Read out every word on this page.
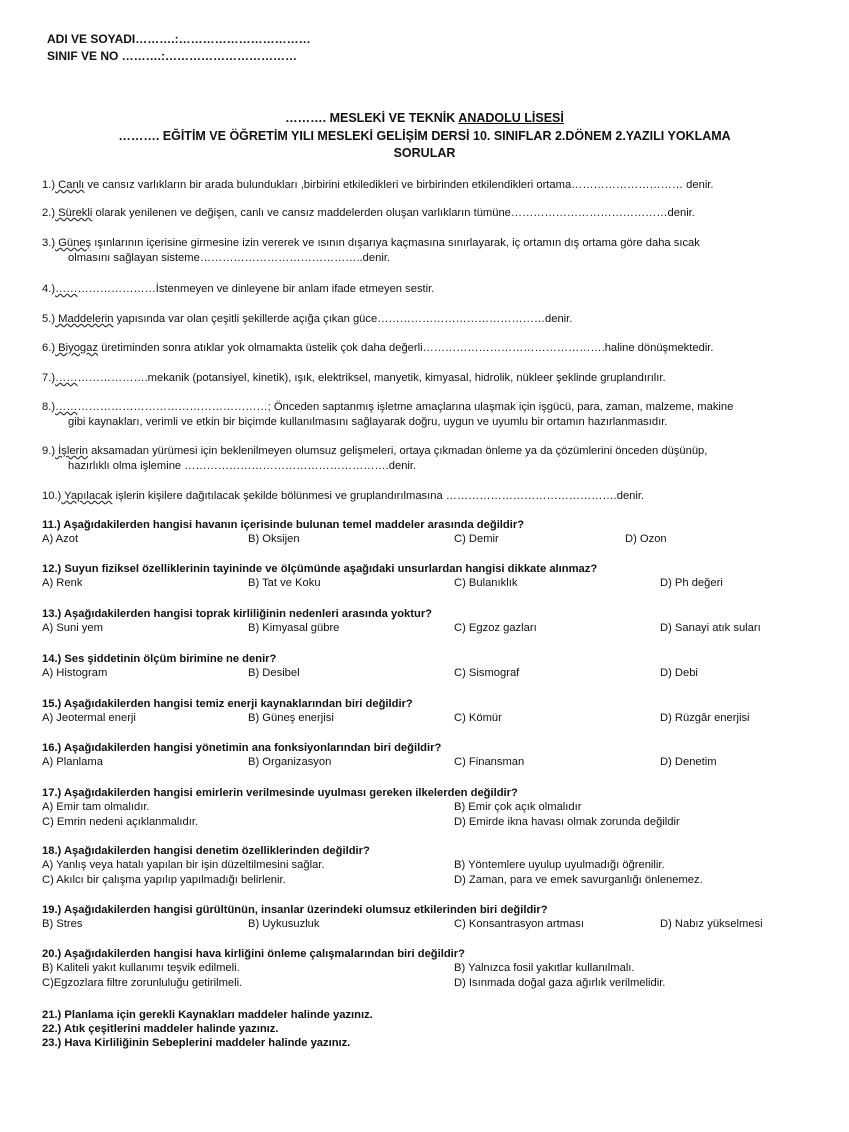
ADI VE SOYADI……….:……………………………
SINIF VE NO ……….:……………………………
………. MESLEKİ VE TEKNİK ANADOLU LİSESİ
………. EĞİTİM VE ÖĞRETİM YILI MESLEKİ GELİŞİM DERSİ 10. SINIFLAR 2.DÖNEM 2.YAZILI YOKLAMA
SORULAR
1.) Canlı ve cansız varlıkların bir arada bulundukları ,birbirini etkiledikleri ve birbirinden etkilendikleri ortama………………………… denir.
2.) Sürekli olarak yenilenen ve değişen, canlı ve cansız maddelerden oluşan varlıkların tümüne……………………………………denir.
3.) Güneş ışınlarının içerisine girmesine izin vererek ve ısının dışarıya kaçmasına sınırlayarak, iç ortamın dış ortama göre daha sıcak
olmasını sağlayan sisteme……………………………………..denir.
4.)………………………İstenmeyen ve dinleyene bir anlam ifade etmeyen sestir.
5.) Maddelerin yapısında var olan çeşitli şekillerde açığa çıkan güce………………………………………denir.
6.) Biyogaz üretiminden sonra atıklar yok olmamakta üstelik çok daha değerli………………………………………….haline dönüşmektedir.
7.)…………………….mekanik (potansiyel, kinetik), ışık, elektriksel, manyetik, kimyasal, hidrolik, nükleer şeklinde gruplandırılır.
8.)…………………………………………………; Önceden saptanmış işletme amaçlarına ulaşmak için işgücü, para, zaman, malzeme, makine
gibi kaynakları, verimli ve etkin bir biçimde kullanılmasını sağlayarak doğru, uygun ve uyumlu bir ortamın hazırlanmasıdır.
9.) İşlerin aksamadan yürümesi için beklenilmeyen olumsuz gelişmeleri, ortaya çıkmadan önleme ya da çözümlerini önceden düşünüp,
hazırlıklı olma işlemine ……………………………………………….denir.
10.) Yapılacak işlerin kişilere dağıtılacak şekilde bölünmesi ve gruplandırılmasına ……………………………………….denir.
11.) Aşağıdakilerden hangisi havanın içerisinde bulunan temel maddeler arasında değildir?
A) Azot	B) Oksijen	C) Demir	D) Ozon
12.) Suyun fiziksel özelliklerinin tayininde ve ölçümünde aşağıdaki unsurlardan hangisi dikkate alınmaz?
A) Renk	B) Tat ve Koku	C) Bulanıklık	D) Ph değeri
13.) Aşağıdakilerden hangisi toprak kirliliğinin nedenleri arasında yoktur?
A) Suni yem	B) Kimyasal gübre	C) Egzoz gazları	D) Sanayi atık suları
14.) Ses şiddetinin ölçüm birimine ne denir?
A) Histogram	B) Desibel	C) Sismograf	D) Debi
15.) Aşağıdakilerden hangisi temiz enerji kaynaklarından biri değildir?
A) Jeotermal enerji	B) Güneş enerjisi	C) Kömür	D) Rüzgâr enerjisi
16.) Aşağıdakilerden hangisi yönetimin ana fonksiyonlarından biri değildir?
A) Planlama	B) Organizasyon	C) Finansman	D) Denetim
17.) Aşağıdakilerden hangisi emirlerin verilmesinde uyulması gereken ilkelerden değildir?
A) Emir tam olmalıdır.	B) Emir çok açık olmalıdır
C) Emrin nedeni açıklanmalıdır.	D) Emirde ikna havası olmak zorunda değildir
18.) Aşağıdakilerden hangisi denetim özelliklerinden değildir?
A) Yanlış veya hatalı yapılan bir işin düzeltilmesini sağlar.	B) Yöntemlere uyulup uyulmadığı öğrenilir.
C) Akılcı bir çalışma yapılıp yapılmadığı belirlenir.	D) Zaman, para ve emek savurganlığı önlenemez.
19.) Aşağıdakilerden hangisi gürültünün, insanlar üzerindeki olumsuz etkilerinden biri değildir?
B) Stres	B) Uykusuzluk	C) Konsantrasyon artması	D) Nabız yükselmesi
20.) Aşağıdakilerden hangisi hava kirliğini önleme çalışmalarından biri değildir?
B) Kaliteli yakıt kullanımı teşvik edilmeli.	B) Yalnızca fosil yakıtlar kullanılmalı.
C)Egzozlara filtre zorunluluğu getirilmeli.	D) Isınmada doğal gaza ağırlık verilmelidir.
21.) Planlama için gerekli Kaynakları maddeler halinde yazınız.
22.) Atık çeşitlerini maddeler halinde yazınız.
23.) Hava Kirliliğinin Sebeplerini maddeler halinde yazınız.
